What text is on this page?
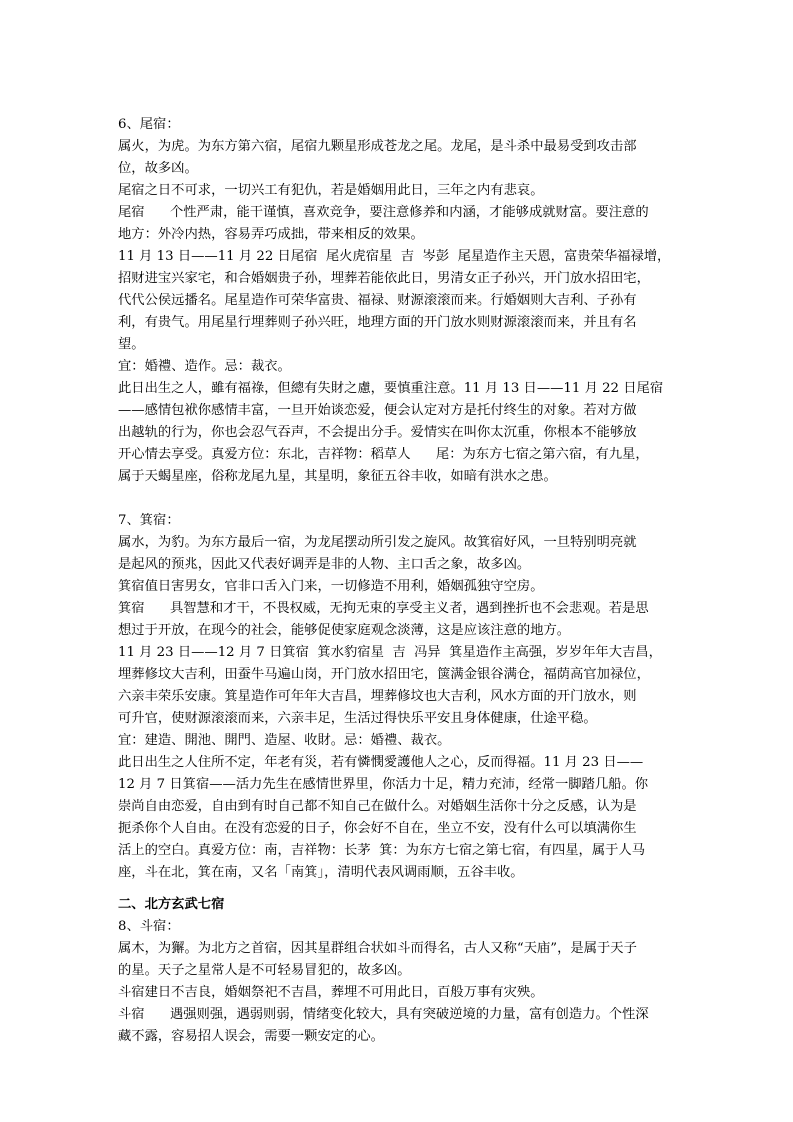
6、尾宿：
属火，为虎。为东方第六宿，尾宿九颗星形成苍龙之尾。龙尾，是斗杀中最易受到攻击部
位，故多凶。
尾宿之日不可求，一切兴工有犯仇，若是婚姻用此日，三年之内有悲哀。
尾宿      个性严肃，能干谨慎，喜欢竞争，要注意修养和内涵，才能够成就财富。要注意的
地方：外冷内热，容易弄巧成拙，带来相反的效果。
11 月 13 日——11 月 22 日尾宿  尾火虎宿星  吉  岑彭  尾星造作主天恩，富贵荣华福禄增，
招财进宝兴家宅，和合婚姻贵子孙，埋葬若能依此日，男清女正子孙兴，开门放水招田宅，
代代公侯远播名。尾星造作可荣华富贵、福禄、财源滚滚而来。行婚姻则大吉利、子孙有
利，有贵气。用尾星行埋葬则子孙兴旺，地理方面的开门放水则财源滚滚而来，并且有名
望。
宜：婚禮、造作。忌：裁衣。
此日出生之人，雖有福祿，但總有失財之慮，要慎重注意。11 月 13 日——11 月 22 日尾宿
——感情包袱你感情丰富，一旦开始谈恋爱，便会认定对方是托付终生的对象。若对方做
出越轨的行为，你也会忍气吞声，不会提出分手。爱情实在叫你太沉重，你根本不能够放
开心情去享受。真爱方位：东北，吉祥物：稻草人      尾：为东方七宿之第六宿，有九星，
属于天蝎星座，俗称龙尾九星，其星明，象征五谷丰收，如暗有洪水之患。
7、箕宿：
属水，为豹。为东方最后一宿，为龙尾摆动所引发之旋风。故箕宿好风，一旦特别明亮就
是起风的预兆，因此又代表好调弄是非的人物、主口舌之象，故多凶。
箕宿值日害男女，官非口舌入门来，一切修造不用利，婚姻孤独守空房。
箕宿      具智慧和才干，不畏权威，无拘无束的享受主义者，遇到挫折也不会悲观。若是思
想过于开放，在现今的社会，能够促使家庭观念淡薄，这是应该注意的地方。
11 月 23 日——12 月 7 日箕宿  箕水豹宿星  吉  冯异  箕星造作主高强，岁岁年年大吉昌，
埋葬修坟大吉利，田蚕牛马遍山岗，开门放水招田宅，箧满金银谷满仓，福荫高官加禄位，
六亲丰荣乐安康。箕星造作可年年大吉昌，埋葬修坟也大吉利，风水方面的开门放水，则
可升官，使财源滚滚而来，六亲丰足，生活过得快乐平安且身体健康，仕途平稳。
宜：建造、開池、開門、造屋、收財。忌：婚禮、裁衣。
此日出生之人住所不定，年老有災，若有憐憫愛護他人之心，反而得福。11 月 23 日——
12 月 7 日箕宿——活力先生在感情世界里，你活力十足，精力充沛，经常一脚踏几船。你
崇尚自由恋爱，自由到有时自己都不知自己在做什么。对婚姻生活你十分之反感，认为是
扼杀你个人自由。在没有恋爱的日子，你会好不自在，坐立不安，没有什么可以填满你生
活上的空白。真爱方位：南，吉祥物：长茅  箕：为东方七宿之第七宿，有四星，属于人马
座，斗在北，箕在南，又名「南箕」，清明代表风调雨顺，五谷丰收。
二、北方玄武七宿
8、斗宿：
属木，为獬。为北方之首宿，因其星群组合状如斗而得名，古人又称“天庙”，是属于天子
的星。天子之星常人是不可轻易冒犯的，故多凶。
斗宿建日不吉良，婚姻祭祀不吉昌，葬埋不可用此日，百般万事有灾殃。
斗宿      遇强则强，遇弱则弱，情绪变化较大，具有突破逆境的力量，富有创造力。个性深
藏不露，容易招人误会，需要一颗安定的心。
